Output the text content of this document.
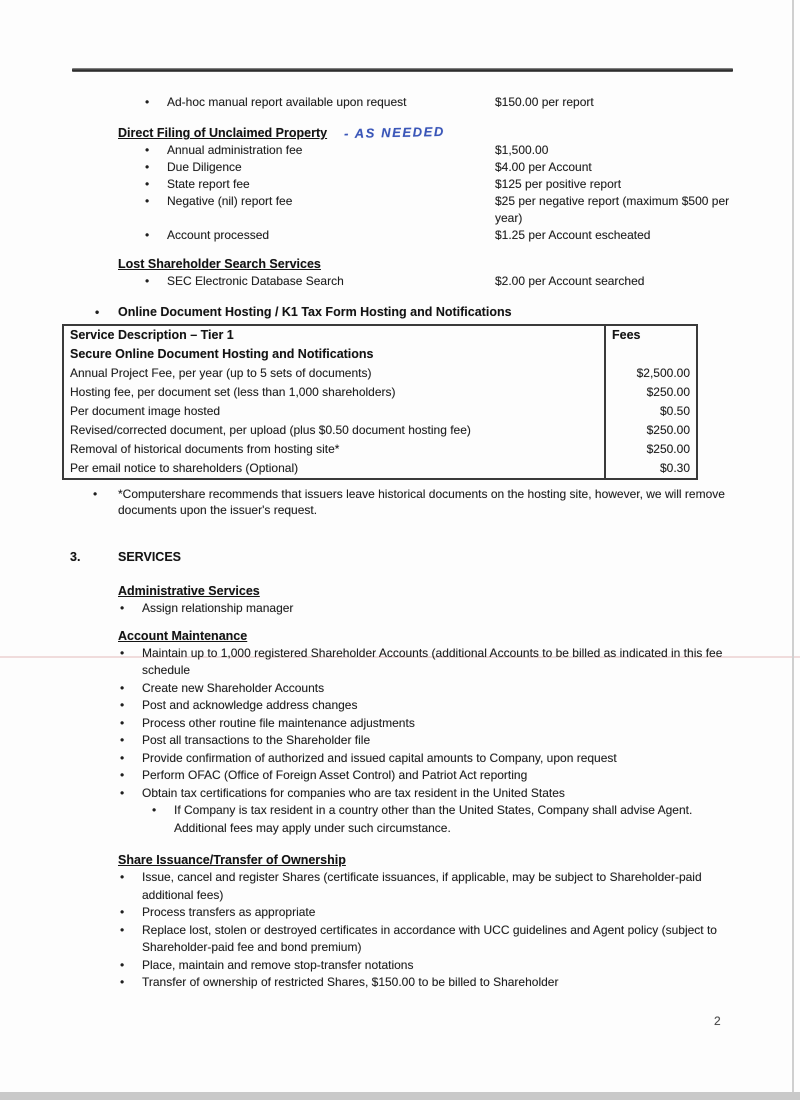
•	Ad-hoc manual report available upon request	$150.00 per report
Direct Filing of Unclaimed Property - AS NEEDED
•	Annual administration fee	$1,500.00
•	Due Diligence	$4.00 per Account
•	State report fee	$125 per positive report
•	Negative (nil) report fee	$25 per negative report (maximum $500 per year)
•	Account processed	$1.25 per Account escheated
Lost Shareholder Search Services
•	SEC Electronic Database Search	$2.00 per Account searched
•	Online Document Hosting / K1 Tax Form Hosting and Notifications
Service Description – Tier 1	Fees
Secure Online Document Hosting and Notifications
Annual Project Fee, per year (up to 5 sets of documents)	$2,500.00
Hosting fee, per document set (less than 1,000 shareholders)	$250.00
Per document image hosted	$0.50
Revised/corrected document, per upload (plus $0.50 document hosting fee)	$250.00
Removal of historical documents from hosting site*	$250.00
Per email notice to shareholders (Optional)	$0.30
•	*Computershare recommends that issuers leave historical documents on the hosting site, however, we will remove documents upon the issuer's request.
3.	SERVICES
Administrative Services
•	Assign relationship manager
Account Maintenance
•	Maintain up to 1,000 registered Shareholder Accounts (additional Accounts to be billed as indicated in this fee schedule
•	Create new Shareholder Accounts
•	Post and acknowledge address changes
•	Process other routine file maintenance adjustments
•	Post all transactions to the Shareholder file
•	Provide confirmation of authorized and issued capital amounts to Company, upon request
•	Perform OFAC (Office of Foreign Asset Control) and Patriot Act reporting
•	Obtain tax certifications for companies who are tax resident in the United States
•	If Company is tax resident in a country other than the United States, Company shall advise Agent. Additional fees may apply under such circumstance.
Share Issuance/Transfer of Ownership
•	Issue, cancel and register Shares (certificate issuances, if applicable, may be subject to Shareholder-paid additional fees)
•	Process transfers as appropriate
•	Replace lost, stolen or destroyed certificates in accordance with UCC guidelines and Agent policy (subject to Shareholder-paid fee and bond premium)
•	Place, maintain and remove stop-transfer notations
•	Transfer of ownership of restricted Shares, $150.00 to be billed to Shareholder
2
